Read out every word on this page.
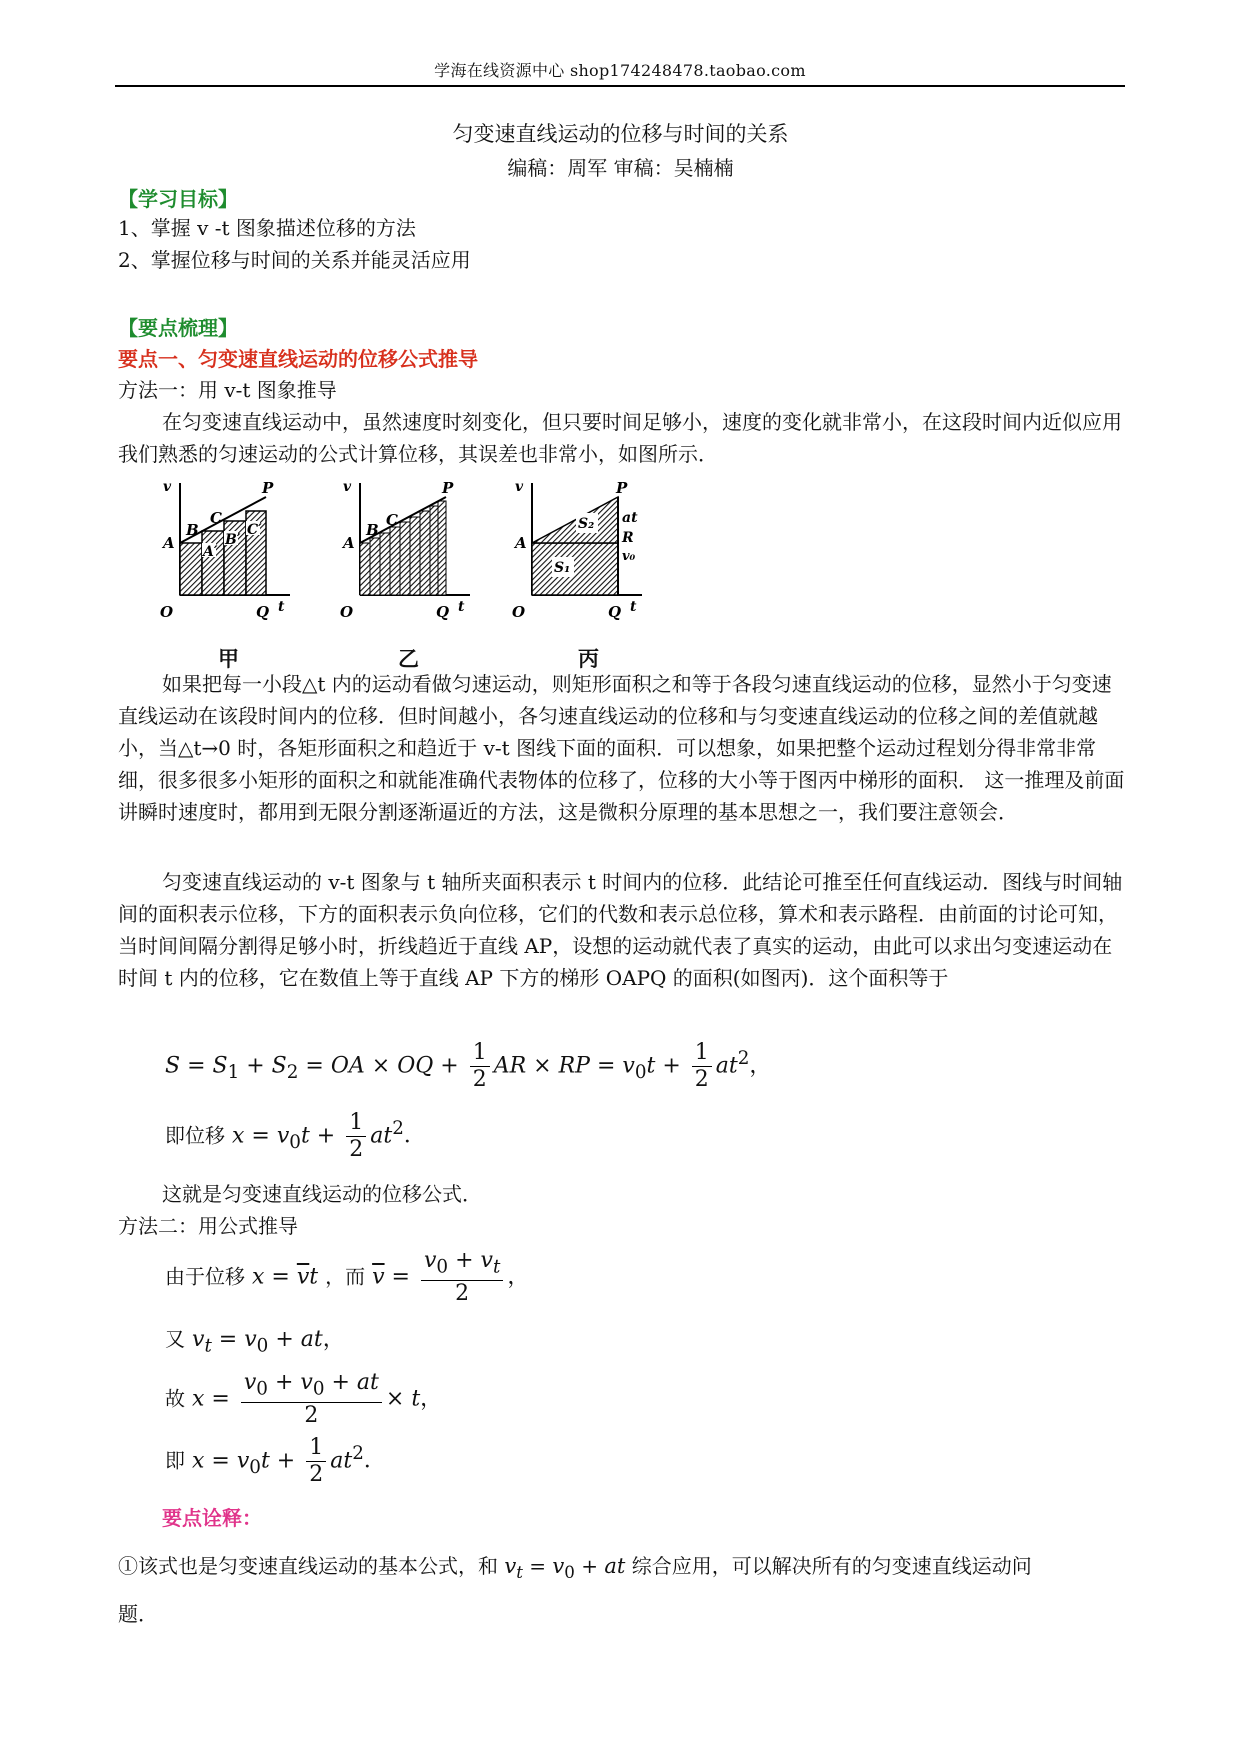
学海在线资源中心 shop174248478.taobao.com
匀变速直线运动的位移与时间的关系
编稿：周军 审稿：吴楠楠
【学习目标】
1、掌握 v -t 图象描述位移的方法
2、掌握位移与时间的关系并能灵活应用
【要点梳理】
要点一、匀变速直线运动的位移公式推导
方法一：用 v-t 图象推导
在匀变速直线运动中，虽然速度时刻变化，但只要时间足够小，速度的变化就非常小，在这段时间内近似应用我们熟悉的匀速运动的公式计算位移，其误差也非常小，如图所示．
v
A
B
C
A′
B′
C′
P
O	Q t
甲
v
A
B
C
P
O	Q t
乙
v
A
S₂
S₁
P
at
R
v₀
O	Q t
丙
如果把每一小段△t 内的运动看做匀速运动，则矩形面积之和等于各段匀速直线运动的位移，显然小于匀变速直线运动在该段时间内的位移．但时间越小，各匀速直线运动的位移和与匀变速直线运动的位移之间的差值就越小，当△t→0 时，各矩形面积之和趋近于 v-t 图线下面的面积．可以想象，如果把整个运动过程划分得非常非常细，很多很多小矩形的面积之和就能准确代表物体的位移了，位移的大小等于图丙中梯形的面积． 这一推理及前面讲瞬时速度时，都用到无限分割逐渐逼近的方法，这是微积分原理的基本思想之一，我们要注意领会．
匀变速直线运动的 v-t 图象与 t 轴所夹面积表示 t 时间内的位移．此结论可推至任何直线运动．图线与时间轴间的面积表示位移，下方的面积表示负向位移，它们的代数和表示总位移，算术和表示路程．由前面的讨论可知，当时间间隔分割得足够小时，折线趋近于直线 AP，设想的运动就代表了真实的运动，由此可以求出匀变速运动在时间 t 内的位移，它在数值上等于直线 AP 下方的梯形 OAPQ 的面积(如图丙)．这个面积等于
$S = S_1 + S_2$ = OA × OQ + $\frac{1}{2}$ AR × RP = $v_0t + \frac{1}{2} at^2$，
即位移 $x = v_0t + \frac{1}{2} at^2$．
这就是匀变速直线运动的位移公式．
方法二：用公式推导
由于位移 $x = \overline{v}t$ ，而 $\overline{v} = \frac{v_0 + v_t}{2}$ ，
又 $v_t = v_0$ + at，
故 $x = \frac{v_0 + v_0 + at}{2} \times t$，
即 $x = v_0t + \frac{1}{2} at^2$．
要点诠释：
①该式也是匀变速直线运动的基本公式，和 $v_t = v_0$ + at 综合应用，可以解决所有的匀变速直线运动问
题．
